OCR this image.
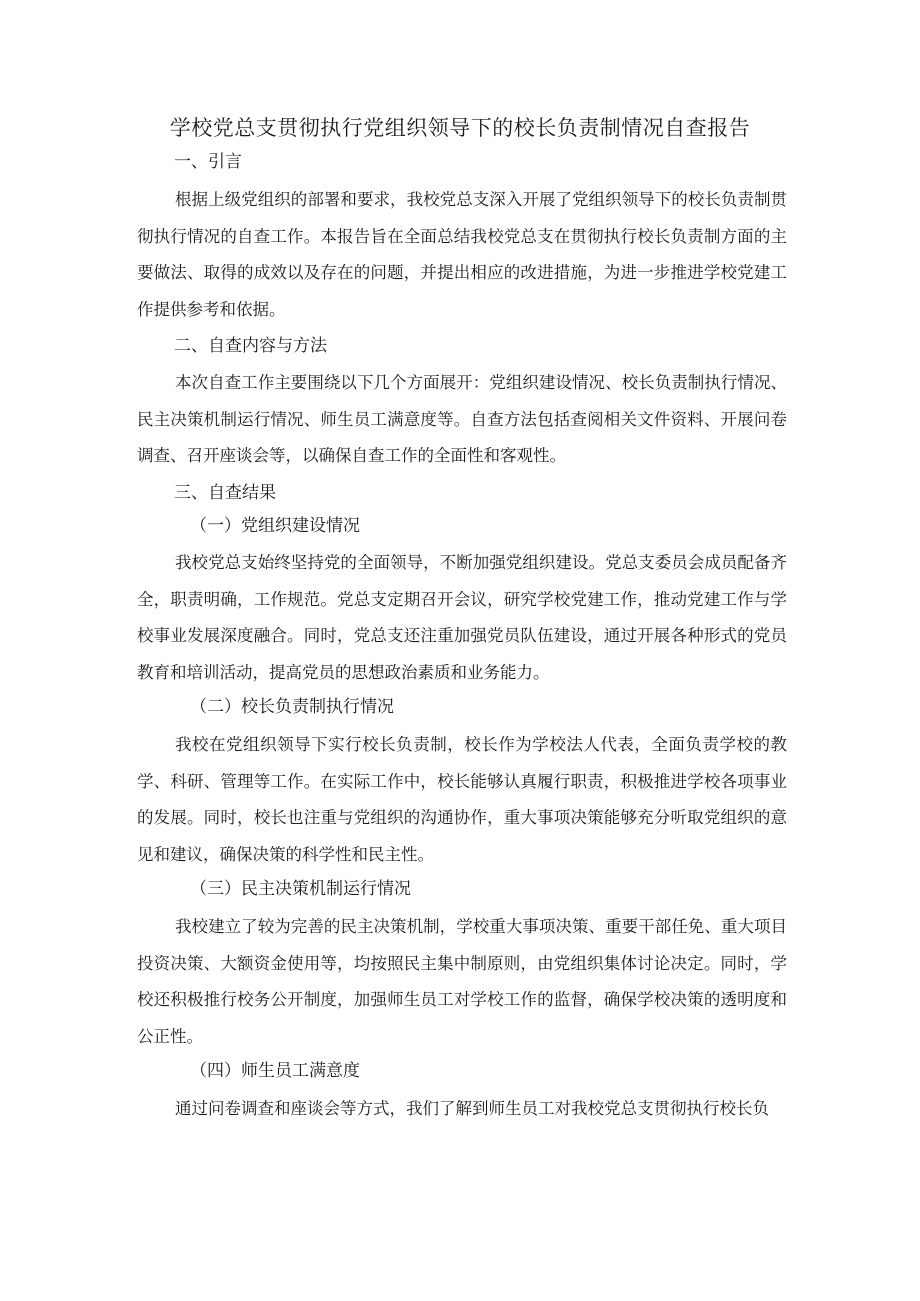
学校党总支贯彻执行党组织领导下的校长负责制情况自查报告
一、引言
根据上级党组织的部署和要求，我校党总支深入开展了党组织领导下的校长负责制贯彻执行情况的自查工作。本报告旨在全面总结我校党总支在贯彻执行校长负责制方面的主要做法、取得的成效以及存在的问题，并提出相应的改进措施，为进一步推进学校党建工作提供参考和依据。
二、自查内容与方法
本次自查工作主要围绕以下几个方面展开：党组织建设情况、校长负责制执行情况、民主决策机制运行情况、师生员工满意度等。自查方法包括查阅相关文件资料、开展问卷调查、召开座谈会等，以确保自查工作的全面性和客观性。
三、自查结果
（一）党组织建设情况
我校党总支始终坚持党的全面领导，不断加强党组织建设。党总支委员会成员配备齐全，职责明确，工作规范。党总支定期召开会议，研究学校党建工作，推动党建工作与学校事业发展深度融合。同时，党总支还注重加强党员队伍建设，通过开展各种形式的党员教育和培训活动，提高党员的思想政治素质和业务能力。
（二）校长负责制执行情况
我校在党组织领导下实行校长负责制，校长作为学校法人代表，全面负责学校的教学、科研、管理等工作。在实际工作中，校长能够认真履行职责，积极推进学校各项事业的发展。同时，校长也注重与党组织的沟通协作，重大事项决策能够充分听取党组织的意见和建议，确保决策的科学性和民主性。
（三）民主决策机制运行情况
我校建立了较为完善的民主决策机制，学校重大事项决策、重要干部任免、重大项目投资决策、大额资金使用等，均按照民主集中制原则，由党组织集体讨论决定。同时，学校还积极推行校务公开制度，加强师生员工对学校工作的监督，确保学校决策的透明度和公正性。
（四）师生员工满意度
通过问卷调查和座谈会等方式，我们了解到师生员工对我校党总支贯彻执行校长负
